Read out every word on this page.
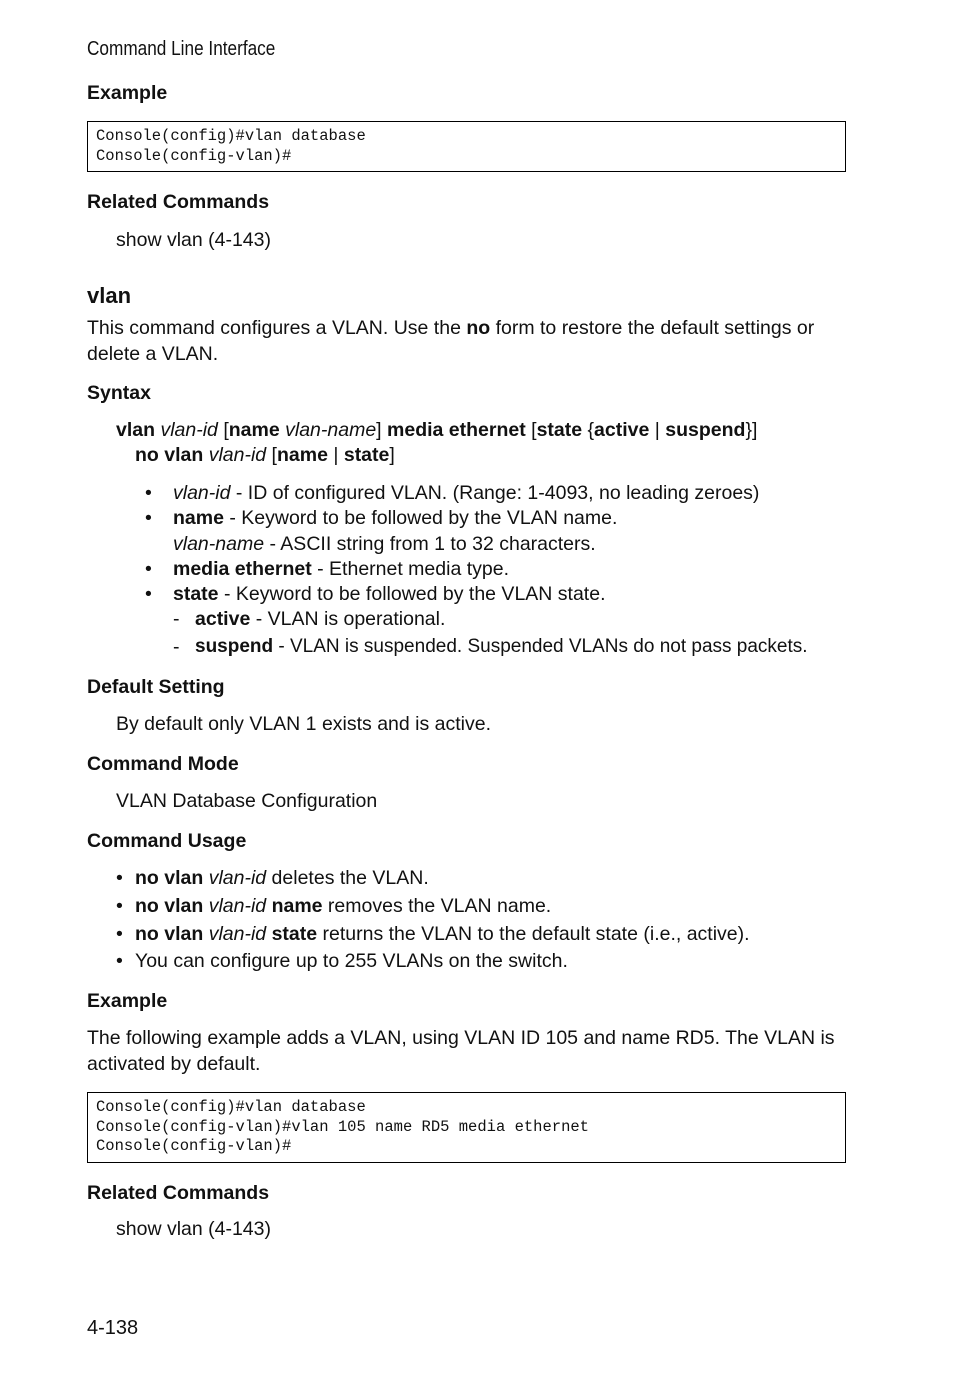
Command Line Interface
Example
Console(config)#vlan database
Console(config-vlan)#
Related Commands
show vlan (4-143)
vlan
This command configures a VLAN. Use the no form to restore the default settings or delete a VLAN.
Syntax
vlan vlan-id [name vlan-name] media ethernet [state {active | suspend}]
no vlan vlan-id [name | state]
• vlan-id - ID of configured VLAN. (Range: 1-4093, no leading zeroes)
• name - Keyword to be followed by the VLAN name.
vlan-name - ASCII string from 1 to 32 characters.
• media ethernet - Ethernet media type.
• state - Keyword to be followed by the VLAN state.
- active - VLAN is operational.
- suspend - VLAN is suspended. Suspended VLANs do not pass packets.
Default Setting
By default only VLAN 1 exists and is active.
Command Mode
VLAN Database Configuration
Command Usage
• no vlan vlan-id deletes the VLAN.
• no vlan vlan-id name removes the VLAN name.
• no vlan vlan-id state returns the VLAN to the default state (i.e., active).
• You can configure up to 255 VLANs on the switch.
Example
The following example adds a VLAN, using VLAN ID 105 and name RD5. The VLAN is activated by default.
Console(config)#vlan database
Console(config-vlan)#vlan 105 name RD5 media ethernet
Console(config-vlan)#
Related Commands
show vlan (4-143)
4-138
